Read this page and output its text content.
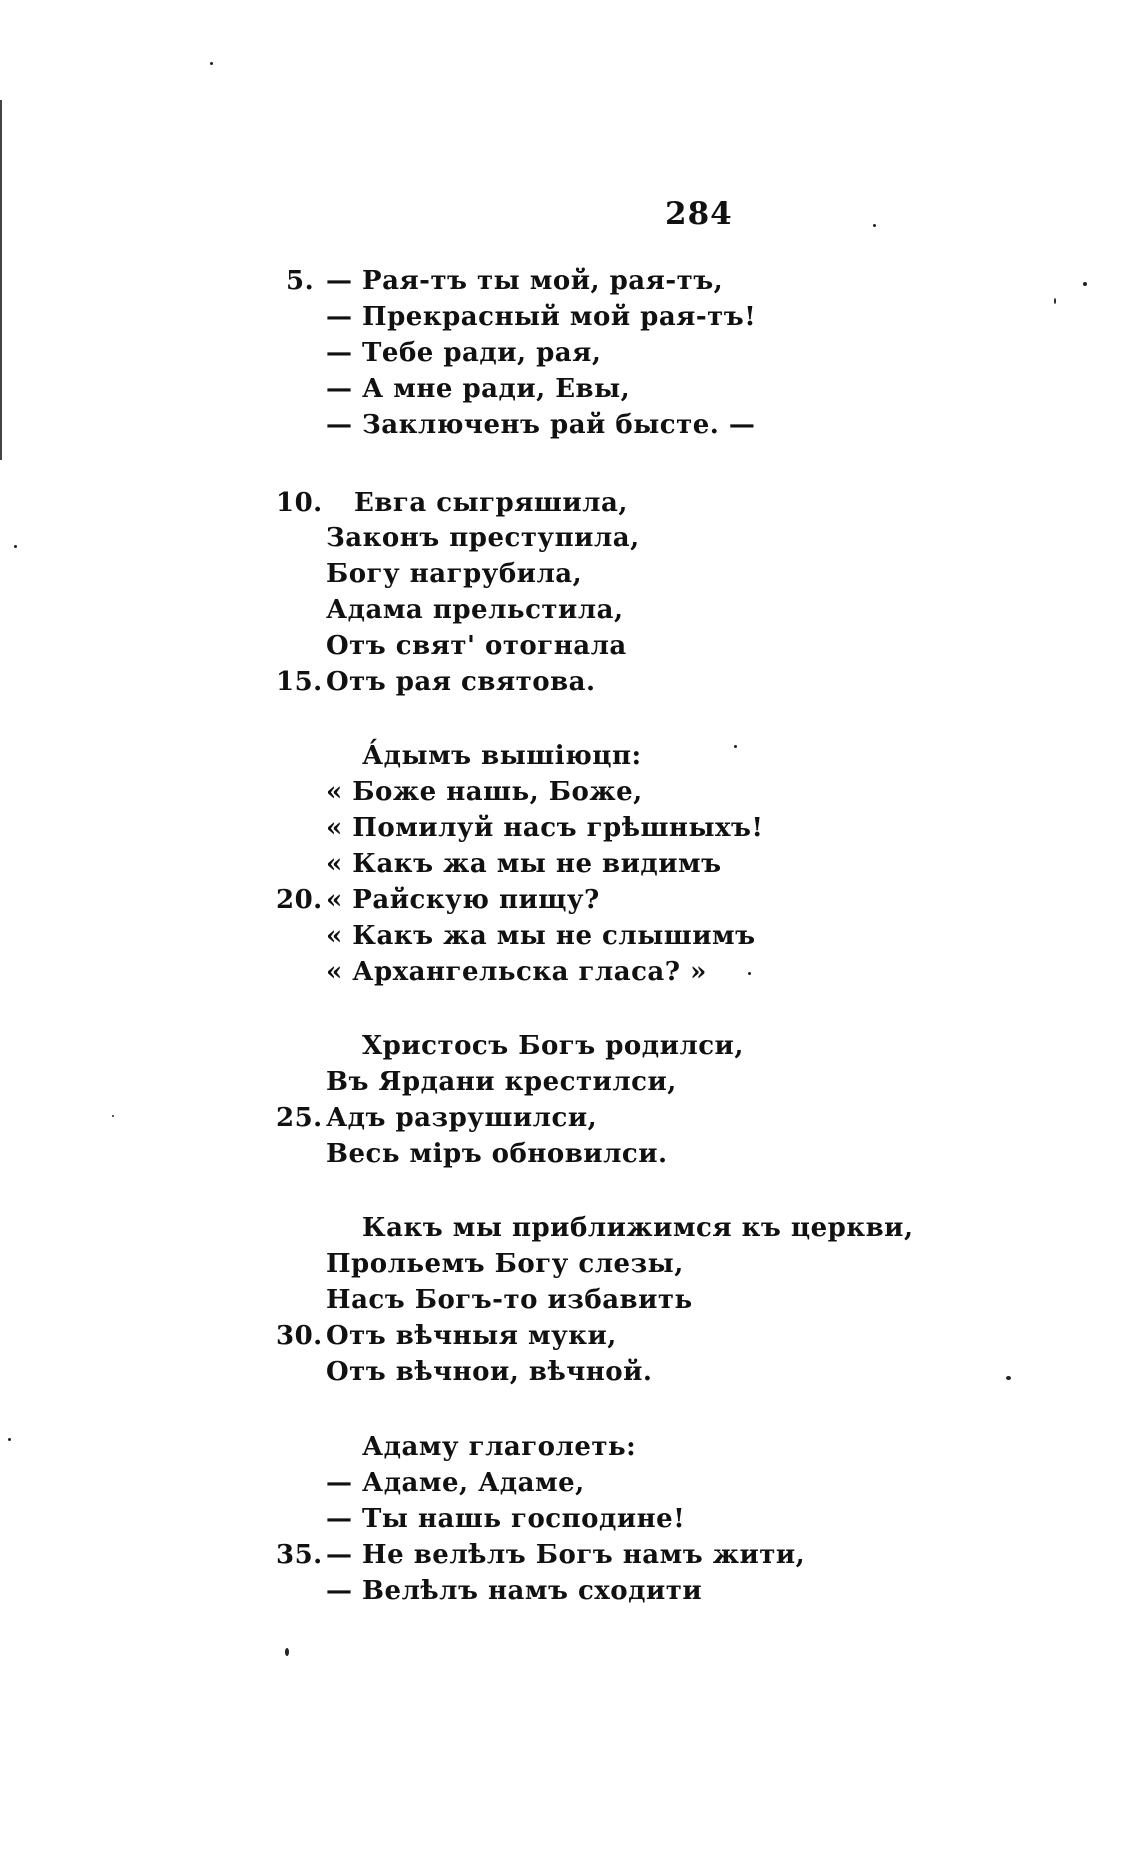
284
5. — Рая-тъ ты мой, рая-тъ,
— Прекрасный мой рая-тъ!
— Тебе ради, рая,
— А мне ради, Евы,
— Заключенъ рай бысте. —
10. Евга сыгряшила,
Законъ преступила,
Богу нагрубила,
Адама прельстила,
Отъ свят' отогнала
15. Отъ рая святова.
А́дымъ вышіюцп:
« Боже нашь, Боже,
« Помилуй насъ грѣшныхъ!
« Какъ жа мы не видимъ
20. « Райскую пищу?
« Какъ жа мы не слышимъ
« Архангельска гласа? »
Христосъ Богъ родилси,
Въ Ярдани крестилси,
25. Адъ разрушилси,
Весь міръ обновилси.
Какъ мы приближимся къ церкви,
Прольемъ Богу слезы,
Насъ Богъ-то избавить
30. Отъ вѣчныя муки,
Отъ вѣчнои, вѣчной.
Адаму глаголеть:
— Адаме, Адаме,
— Ты нашь господине!
35. — Не велѣлъ Богъ намъ жити,
— Велѣлъ намъ сходити
